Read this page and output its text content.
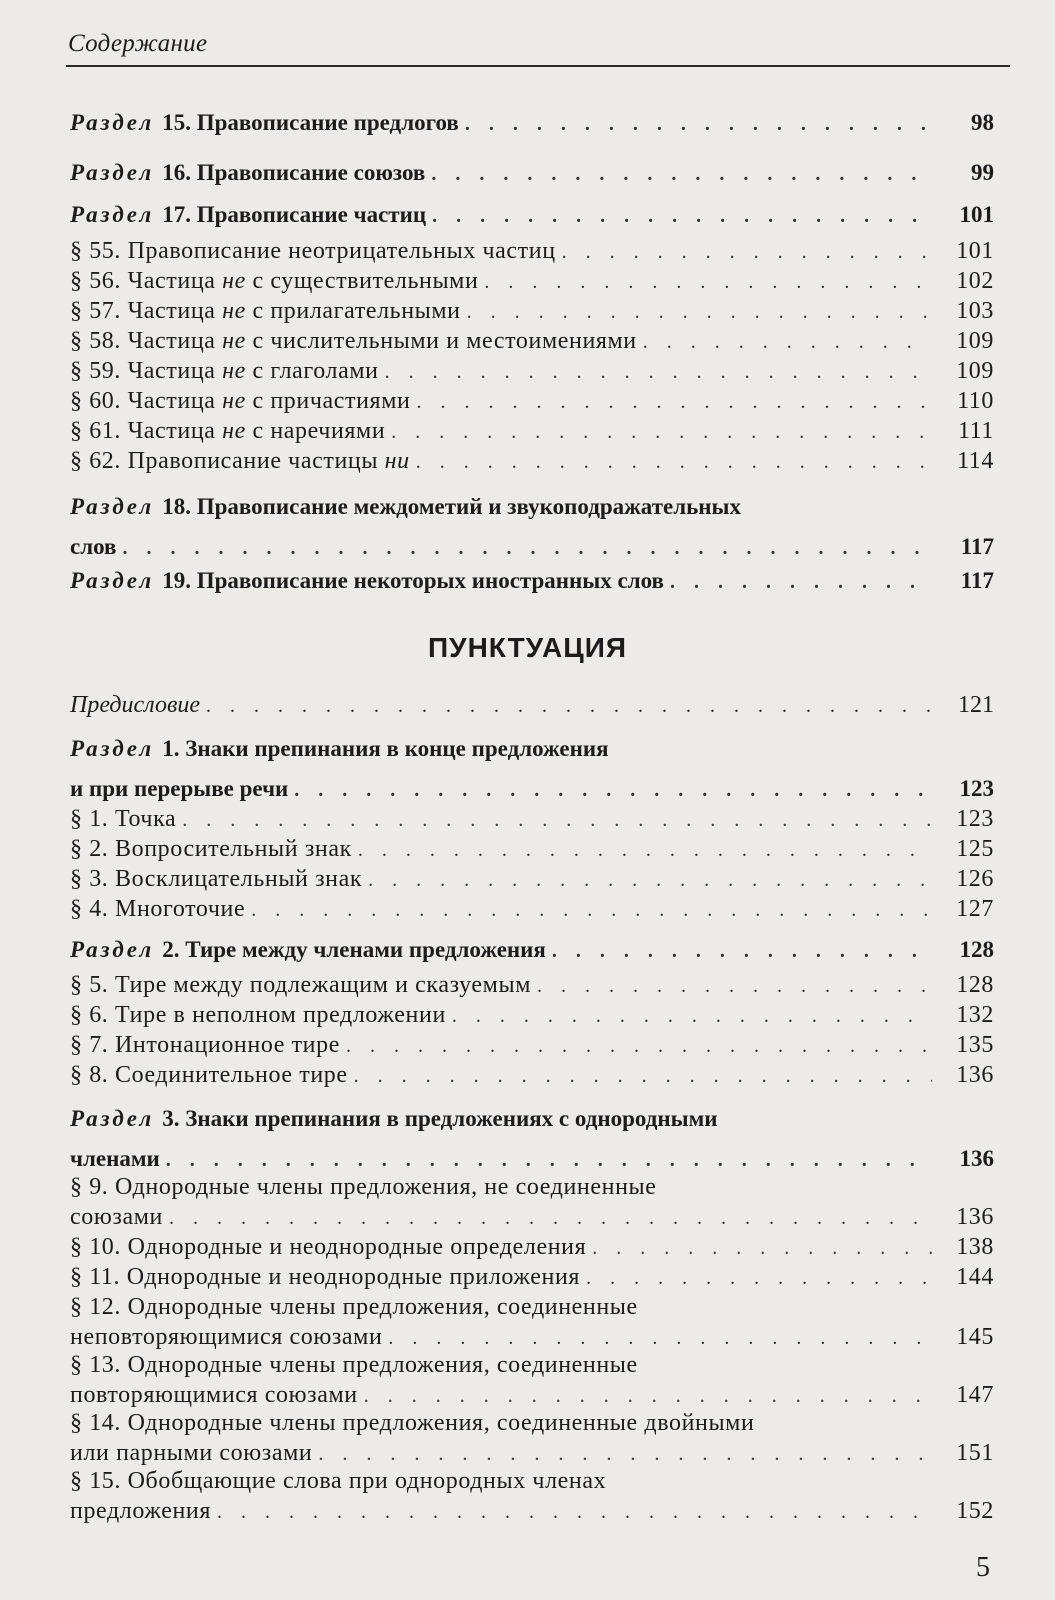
Содержание
ПУНКТУАЦИЯ
Раздел 15. Правописание предлогов . . .	98
Раздел 16. Правописание союзов . . .	99
Раздел 17. Правописание частиц . . .	101
§ 55. Правописание неотрицательных частиц . . .	101
§ 56. Частица не с существительными . . .	102
§ 57. Частица не с прилагательными . . .	103
§ 58. Частица не с числительными и местоимениями . . .	109
§ 59. Частица не с глаголами . . .	109
§ 60. Частица не с причастиями . . .	110
§ 61. Частица не с наречиями . . .	111
§ 62. Правописание частицы ни . . .	114
Раздел 18. Правописание междометий и звукоподражательных
слов . . .	117
Раздел 19. Правописание некоторых иностранных слов . . .	117
Предисловие . . .	121
Раздел 1. Знаки препинания в конце предложения
и при перерыве речи . . .	123
§ 1. Точка . . .	123
§ 2. Вопросительный знак . . .	125
§ 3. Восклицательный знак . . .	126
§ 4. Многоточие . . .	127
Раздел 2. Тире между членами предложения . . .	128
§ 5. Тире между подлежащим и сказуемым . . .	128
§ 6. Тире в неполном предложении . . .	132
§ 7. Интонационное тире . . .	135
§ 8. Соединительное тире . . .	136
Раздел 3. Знаки препинания в предложениях с однородными
членами . . .	136
§ 9. Однородные члены предложения, не соединенные
союзами . . .	136
§ 10. Однородные и неоднородные определения . . .	138
§ 11. Однородные и неоднородные приложения . . .	144
§ 12. Однородные члены предложения, соединенные
неповторяющимися союзами . . .	145
§ 13. Однородные члены предложения, соединенные
повторяющимися союзами . . .	147
§ 14. Однородные члены предложения, соединенные двойными
или парными союзами . . .	151
§ 15. Обобщающие слова при однородных членах
предложения . . .	152
5
